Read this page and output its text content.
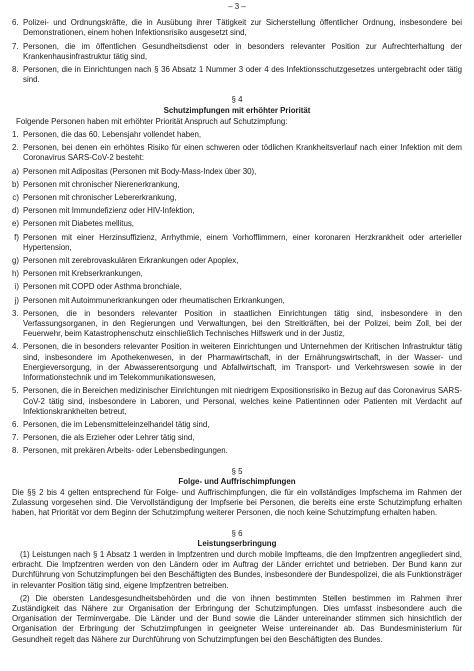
– 3 –
6. Polizei- und Ordnungskräfte, die in Ausübung ihrer Tätigkeit zur Sicherstellung öffentlicher Ordnung, insbesondere bei Demonstrationen, einem hohen Infektionsrisiko ausgesetzt sind,
7. Personen, die im öffentlichen Gesundheitsdienst oder in besonders relevanter Position zur Aufrechterhaltung der Krankenhausinfrastruktur tätig sind,
8. Personen, die in Einrichtungen nach § 36 Absatz 1 Nummer 3 oder 4 des Infektionsschutzgesetzes untergebracht oder tätig sind.
§ 4
Schutzimpfungen mit erhöhter Priorität
Folgende Personen haben mit erhöhter Priorität Anspruch auf Schutzimpfung:
1. Personen, die das 60. Lebensjahr vollendet haben,
2. Personen, bei denen ein erhöhtes Risiko für einen schweren oder tödlichen Krankheitsverlauf nach einer Infektion mit dem Coronavirus SARS-CoV-2 besteht:
a) Personen mit Adipositas (Personen mit Body-Mass-Index über 30),
b) Personen mit chronischer Nierenerkrankung,
c) Personen mit chronischer Lebererkrankung,
d) Personen mit Immundefizienz oder HIV-Infektion,
e) Personen mit Diabetes mellitus,
f) Personen mit einer Herzinsuffizienz, Arrhythmie, einem Vorhofflimmern, einer koronaren Herzkrankheit oder arterieller Hypertension,
g) Personen mit zerebrovaskulären Erkrankungen oder Apoplex,
h) Personen mit Krebserkrankungen,
i) Personen mit COPD oder Asthma bronchiale,
j) Personen mit Autoimmunerkrankungen oder rheumatischen Erkrankungen,
3. Personen, die in besonders relevanter Position in staatlichen Einrichtungen tätig sind, insbesondere in den Verfassungsorganen, in den Regierungen und Verwaltungen, bei den Streitkräften, bei der Polizei, beim Zoll, bei der Feuerwehr, beim Katastrophenschutz einschließlich Technisches Hilfswerk und in der Justiz,
4. Personen, die in besonders relevanter Position in weiteren Einrichtungen und Unternehmen der Kritischen Infrastruktur tätig sind, insbesondere im Apothekenwesen, in der Pharmawirtschaft, in der Ernährungswirtschaft, in der Wasser- und Energieversorgung, in der Abwasserentsorgung und Abfallwirtschaft, im Transport- und Verkehrswesen sowie in der Informationstechnik und im Telekommunikationswesen,
5. Personen, die in Bereichen medizinischer Einrichtungen mit niedrigem Expositionsrisiko in Bezug auf das Coronavirus SARS-CoV-2 tätig sind, insbesondere in Laboren, und Personal, welches keine Patientinnen oder Patienten mit Verdacht auf Infektionskrankheiten betreut,
6. Personen, die im Lebensmitteleinzelhandel tätig sind,
7. Personen, die als Erzieher oder Lehrer tätig sind,
8. Personen, mit prekären Arbeits- oder Lebensbedingungen.
§ 5
Folge- und Auffrischimpfungen
Die §§ 2 bis 4 gelten entsprechend für Folge- und Auffrischimpfungen, die für ein vollständiges Impfschema im Rahmen der Zulassung vorgesehen sind. Die Vervollständigung der Impfserie bei Personen, die bereits eine erste Schutzimpfung erhalten haben, hat Priorität vor dem Beginn der Schutzimpfung weiterer Personen, die noch keine Schutzimpfung erhalten haben.
§ 6
Leistungserbringung
(1) Leistungen nach § 1 Absatz 1 werden in Impfzentren und durch mobile Impfteams, die den Impfzentren angegliedert sind, erbracht. Die Impfzentren werden von den Ländern oder im Auftrag der Länder errichtet und betrieben. Der Bund kann zur Durchführung von Schutzimpfungen bei den Beschäftigten des Bundes, insbesondere der Bundespolizei, die als Funktionsträger in relevanter Position tätig sind, eigene Impfzentren betreiben.
(2) Die obersten Landesgesundheitsbehörden und die von ihnen bestimmten Stellen bestimmen im Rahmen ihrer Zuständigkeit das Nähere zur Organisation der Erbringung der Schutzimpfungen. Dies umfasst insbesondere auch die Organisation der Terminvergabe. Die Länder und der Bund sowie die Länder untereinander stimmen sich hinsichtlich der Organisation der Erbringung der Schutzimpfungen in geeigneter Weise untereinander ab. Das Bundesministerium für Gesundheit regelt das Nähere zur Durchführung von Schutzimpfungen bei den Beschäftigten des Bundes.
